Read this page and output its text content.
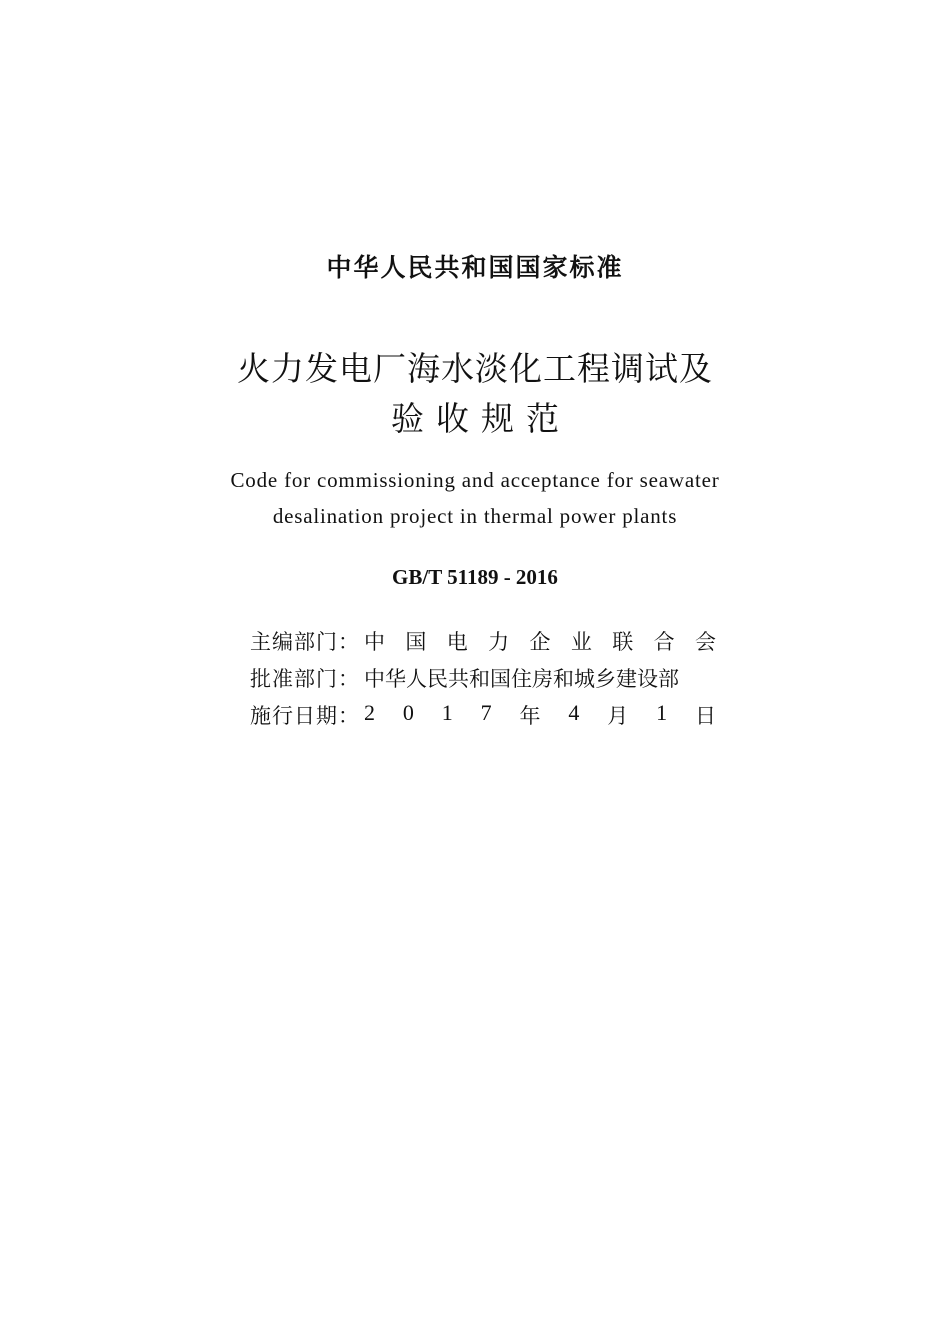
中华人民共和国国家标准
火力发电厂海水淡化工程调试及
验收规范
Code for commissioning and acceptance for seawater
desalination project in thermal power plants
GB/T 51189 - 2016
主编部门： 中 国 电 力 企 业 联 合 会
批准部门： 中华人民共和国住房和城乡建设部
施行日期： 2 0 1 7 年 4 月 1 日
